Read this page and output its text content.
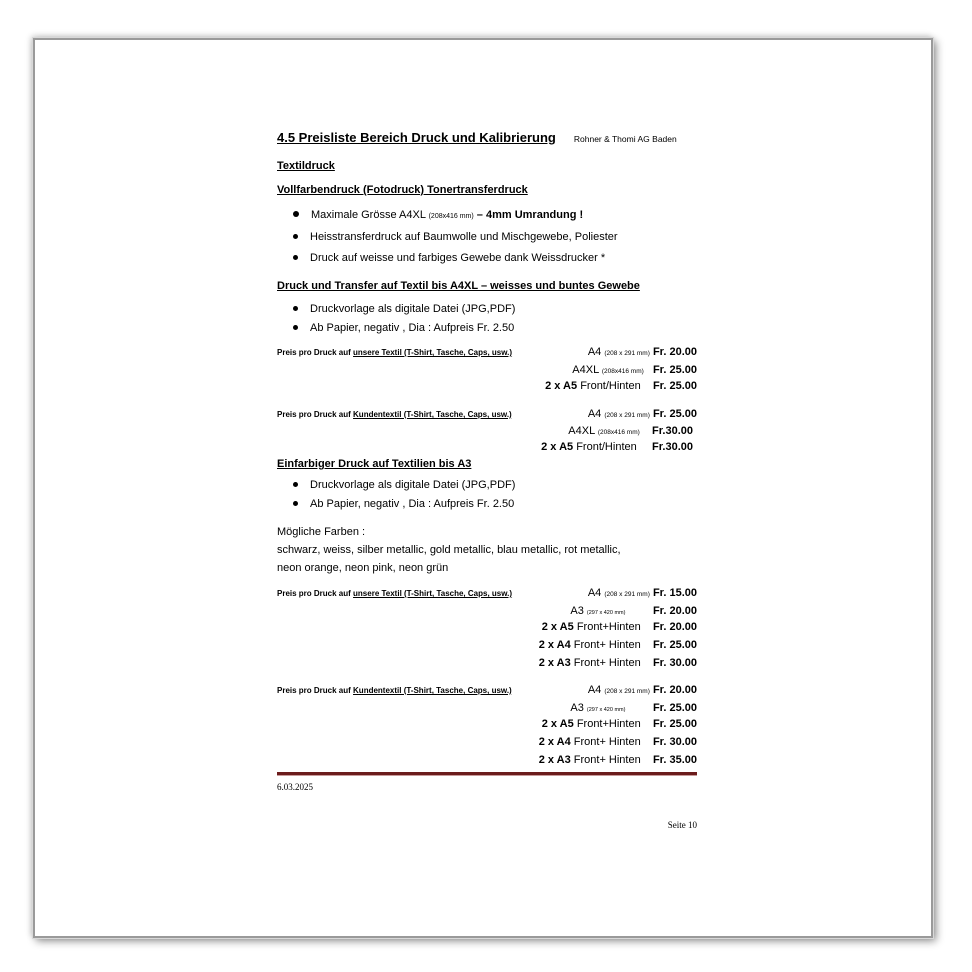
4.5 Preisliste Bereich Druck und Kalibrierung Rohner & Thomi AG Baden
Textildruck
Vollfarbendruck (Fotodruck) Tonertransferdruck
Maximale Grösse A4XL (208x416 mm) – 4mm Umrandung !
Heisstransferdruck auf Baumwolle und Mischgewebe, Poliester
Druck auf weisse und farbiges Gewebe dank Weissdrucker *
Druck und Transfer auf Textil bis A4XL – weisses und buntes Gewebe
Druckvorlage als digitale Datei (JPG,PDF)
Ab Papier, negativ , Dia : Aufpreis Fr. 2.50
Preis pro Druck auf unsere Textil (T-Shirt, Tasche, Caps, usw.)	A4 (208 x 291 mm) Fr. 20.00
A4XL (208x416 mm) Fr. 25.00
2 x A5 Front/Hinten Fr. 25.00
Preis pro Druck auf Kundentextil (T-Shirt, Tasche, Caps, usw.)	A4 (208 x 291 mm) Fr. 25.00
A4XL (208x416 mm) Fr.30.00
2 x A5 Front/Hinten Fr.30.00
Einfarbiger Druck auf Textilien bis A3
Druckvorlage als digitale Datei (JPG,PDF)
Ab Papier, negativ , Dia : Aufpreis Fr. 2.50
Mögliche Farben :
schwarz, weiss, silber metallic, gold metallic, blau metallic, rot metallic,
neon orange, neon pink, neon grün
Preis pro Druck auf unsere Textil (T-Shirt, Tasche, Caps, usw.)	A4 (208 x 291 mm) Fr. 15.00
A3 (297 x 420 mm)	Fr. 20.00
2 x A5 Front+Hinten Fr. 20.00
2 x A4 Front+ Hinten Fr. 25.00
2 x A3 Front+ Hinten Fr. 30.00
Preis pro Druck auf Kundentextil (T-Shirt, Tasche, Caps, usw.)	A4 (208 x 291 mm) Fr. 20.00
A3 (297 x 420 mm)	Fr. 25.00
2 x A5 Front+Hinten Fr. 25.00
2 x A4 Front+ Hinten Fr. 30.00
2 x A3 Front+ Hinten Fr. 35.00
6.03.2025
Seite 10
